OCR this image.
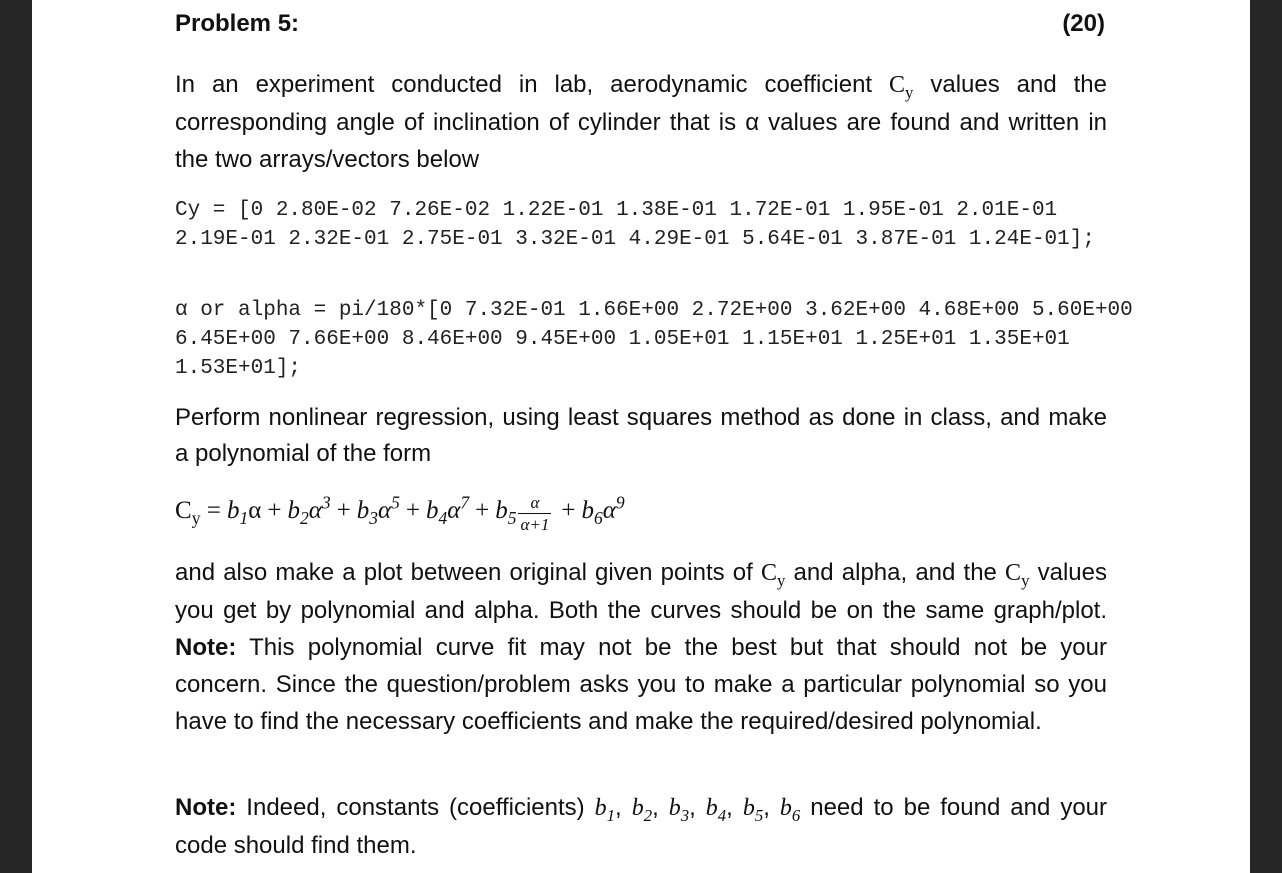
Problem 5:	(20)
In an experiment conducted in lab, aerodynamic coefficient $C_y$ values and the corresponding angle of inclination of cylinder that is α values are found and written in the two arrays/vectors below
Cy = [0 2.80E-02 7.26E-02 1.22E-01 1.38E-01 1.72E-01 1.95E-01 2.01E-01 2.19E-01 2.32E-01 2.75E-01 3.32E-01 4.29E-01 5.64E-01 3.87E-01 1.24E-01];
α or alpha = pi/180*[0 7.32E-01 1.66E+00 2.72E+00 3.62E+00 4.68E+00 5.60E+00 6.45E+00 7.66E+00 8.46E+00 9.45E+00 1.05E+01 1.15E+01 1.25E+01 1.35E+01 1.53E+01];
Perform nonlinear regression, using least squares method as done in class, and make a polynomial of the form
$C_y = b_1$ $\alpha + b_2\alpha^3 + b_3\alpha^5 + b_4\alpha^7 + b_5 \frac{\alpha}{\alpha+1} + b_6\alpha^9$
and also make a plot between original given points of $C_y$ and alpha, and the $C_y$ values you get by polynomial and alpha. Both the curves should be on the same graph/plot. Note: This polynomial curve fit may not be the best but that should not be your concern. Since the question/problem asks you to make a particular polynomial so you have to find the necessary coefficients and make the required/desired polynomial.
Note: Indeed, constants (coefficients) $b_1$, $b_2$, $b_3$, $b_4$, $b_5$, $b_6$ need to be found and your code should find them.
